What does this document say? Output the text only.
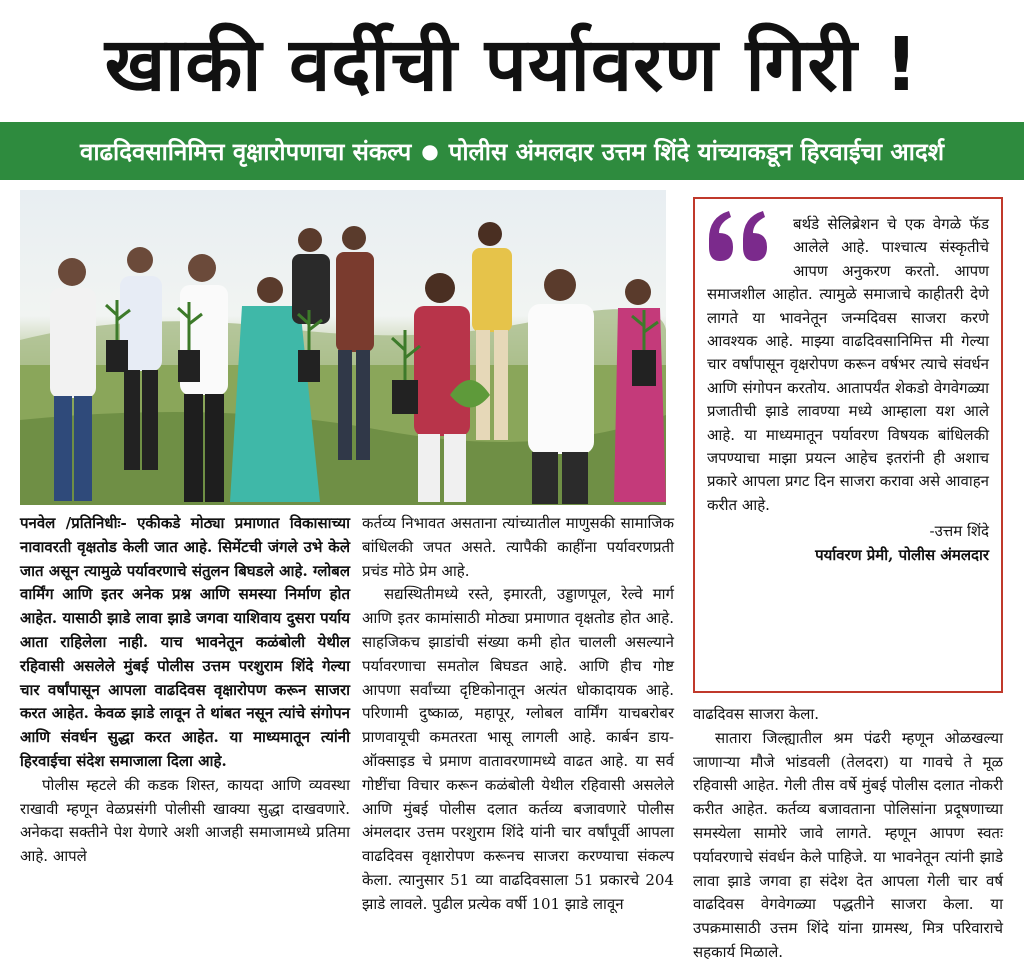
खाकी वर्दीची पर्यावरण गिरी !
वाढदिवसानिमित्त वृक्षारोपणाचा संकल्प ● पोलीस अंमलदार उत्तम शिंदे यांच्याकडून हिरवाईचा आदर्श
बर्थडे सेलिब्रेशन चे एक वेगळे फॅड आलेले आहे. पाश्चात्य संस्कृतीचे आपण अनुकरण करतो. आपण समाजशील आहोत. त्यामुळे समाजाचे काहीतरी देणे लागते या भावनेतून जन्मदिवस साजरा करणे आवश्यक आहे. माझ्या वाढदिवसानिमित्त मी गेल्या चार वर्षांपासून वृक्षरोपण करून वर्षभर त्याचे संवर्धन आणि संगोपन करतोय. आतापर्यंत शेकडो वेगवेगळ्या प्रजातीची झाडे लावण्या मध्ये आम्हाला यश आले आहे. या माध्यमातून पर्यावरण विषयक बांधिलकी जपण्याचा माझा प्रयत्न आहेच इतरांनी ही अशाच प्रकारे आपला प्रगट दिन साजरा करावा असे आवाहन करीत आहे.
-उत्तम शिंदे
पर्यावरण प्रेमी, पोलीस अंमलदार

पनवेल /प्रतिनिधीः- एकीकडे मोठ्या प्रमाणात विकासाच्या नावावरती वृक्षतोड केली जात आहे. सिमेंटची जंगले उभे केले जात असून त्यामुळे पर्यावरणाचे संतुलन बिघडले आहे. ग्लोबल वार्मिंग आणि इतर अनेक प्रश्न आणि समस्या निर्माण होत आहेत. यासाठी झाडे लावा झाडे जगवा याशिवाय दुसरा पर्याय आता राहिलेला नाही. याच भावनेतून कळंबोली येथील रहिवासी असलेले मुंबई पोलीस उत्तम परशुराम शिंदे गेल्या चार वर्षांपासून आपला वाढदिवस वृक्षारोपण करून साजरा करत आहेत. केवळ झाडे लावून ते थांबत नसून त्यांचे संगोपन आणि संवर्धन सुद्धा करत आहेत. या माध्यमातून त्यांनी हिरवाईचा संदेश समाजाला दिला आहे.

पोलीस म्हटले की कडक शिस्त, कायदा आणि व्यवस्था राखावी म्हणून वेळप्रसंगी पोलीसी खाक्या सुद्धा दाखवणारे. अनेकदा सक्तीने पेश येणारे अशी आजही समाजामध्ये प्रतिमा आहे. आपले

कर्तव्य निभावत असताना त्यांच्यातील माणुसकी सामाजिक बांधिलकी जपत असते. त्यापैकी काहींना पर्यावरणप्रती प्रचंड मोठे प्रेम आहे.

सद्यस्थितीमध्ये रस्ते, इमारती, उड्डाणपूल, रेल्वे मार्ग आणि इतर कामांसाठी मोठ्या प्रमाणात वृक्षतोड होत आहे. साहजिकच झाडांची संख्या कमी होत चालली असल्याने पर्यावरणाचा समतोल बिघडत आहे. आणि हीच गोष्ट आपणा सर्वांच्या दृष्टिकोनातून अत्यंत धोकादायक आहे. परिणामी दुष्काळ, महापूर, ग्लोबल वार्मिंग याचबरोबर प्राणवायूची कमतरता भासू लागली आहे. कार्बन डाय-ऑक्साइड चे प्रमाण वातावरणामध्ये वाढत आहे. या सर्व गोष्टींचा विचार करून कळंबोली येथील रहिवासी असलेले आणि मुंबई पोलीस दलात कर्तव्य बजावणारे पोलीस अंमलदार उत्तम परशुराम शिंदे यांनी चार वर्षांपूर्वी आपला वाढदिवस वृक्षारोपण करूनच साजरा करण्याचा संकल्प केला. त्यानुसार 51 व्या वाढदिवसाला 51 प्रकारचे 204 झाडे लावले. पुढील प्रत्येक वर्षी 101 झाडे लावून

वाढदिवस साजरा केला.

सातारा जिल्ह्यातील श्रम पंढरी म्हणून ओळखल्या जाणाऱ्या मौजे भांडवली (तेलदरा) या गावचे ते मूळ रहिवासी आहेत. गेली तीस वर्षे मुंबई पोलीस दलात नोकरी करीत आहेत. कर्तव्य बजावताना पोलिसांना प्रदूषणाच्या समस्येला सामोरे जावे लागते. म्हणून आपण स्वतः पर्यावरणाचे संवर्धन केले पाहिजे. या भावनेतून त्यांनी झाडे लावा झाडे जगवा हा संदेश देत आपला गेली चार वर्ष वाढदिवस वेगवेगळ्या पद्धतीने साजरा केला. या उपक्रमासाठी उत्तम शिंदे यांना ग्रामस्थ, मित्र परिवाराचे सहकार्य मिळाले.
